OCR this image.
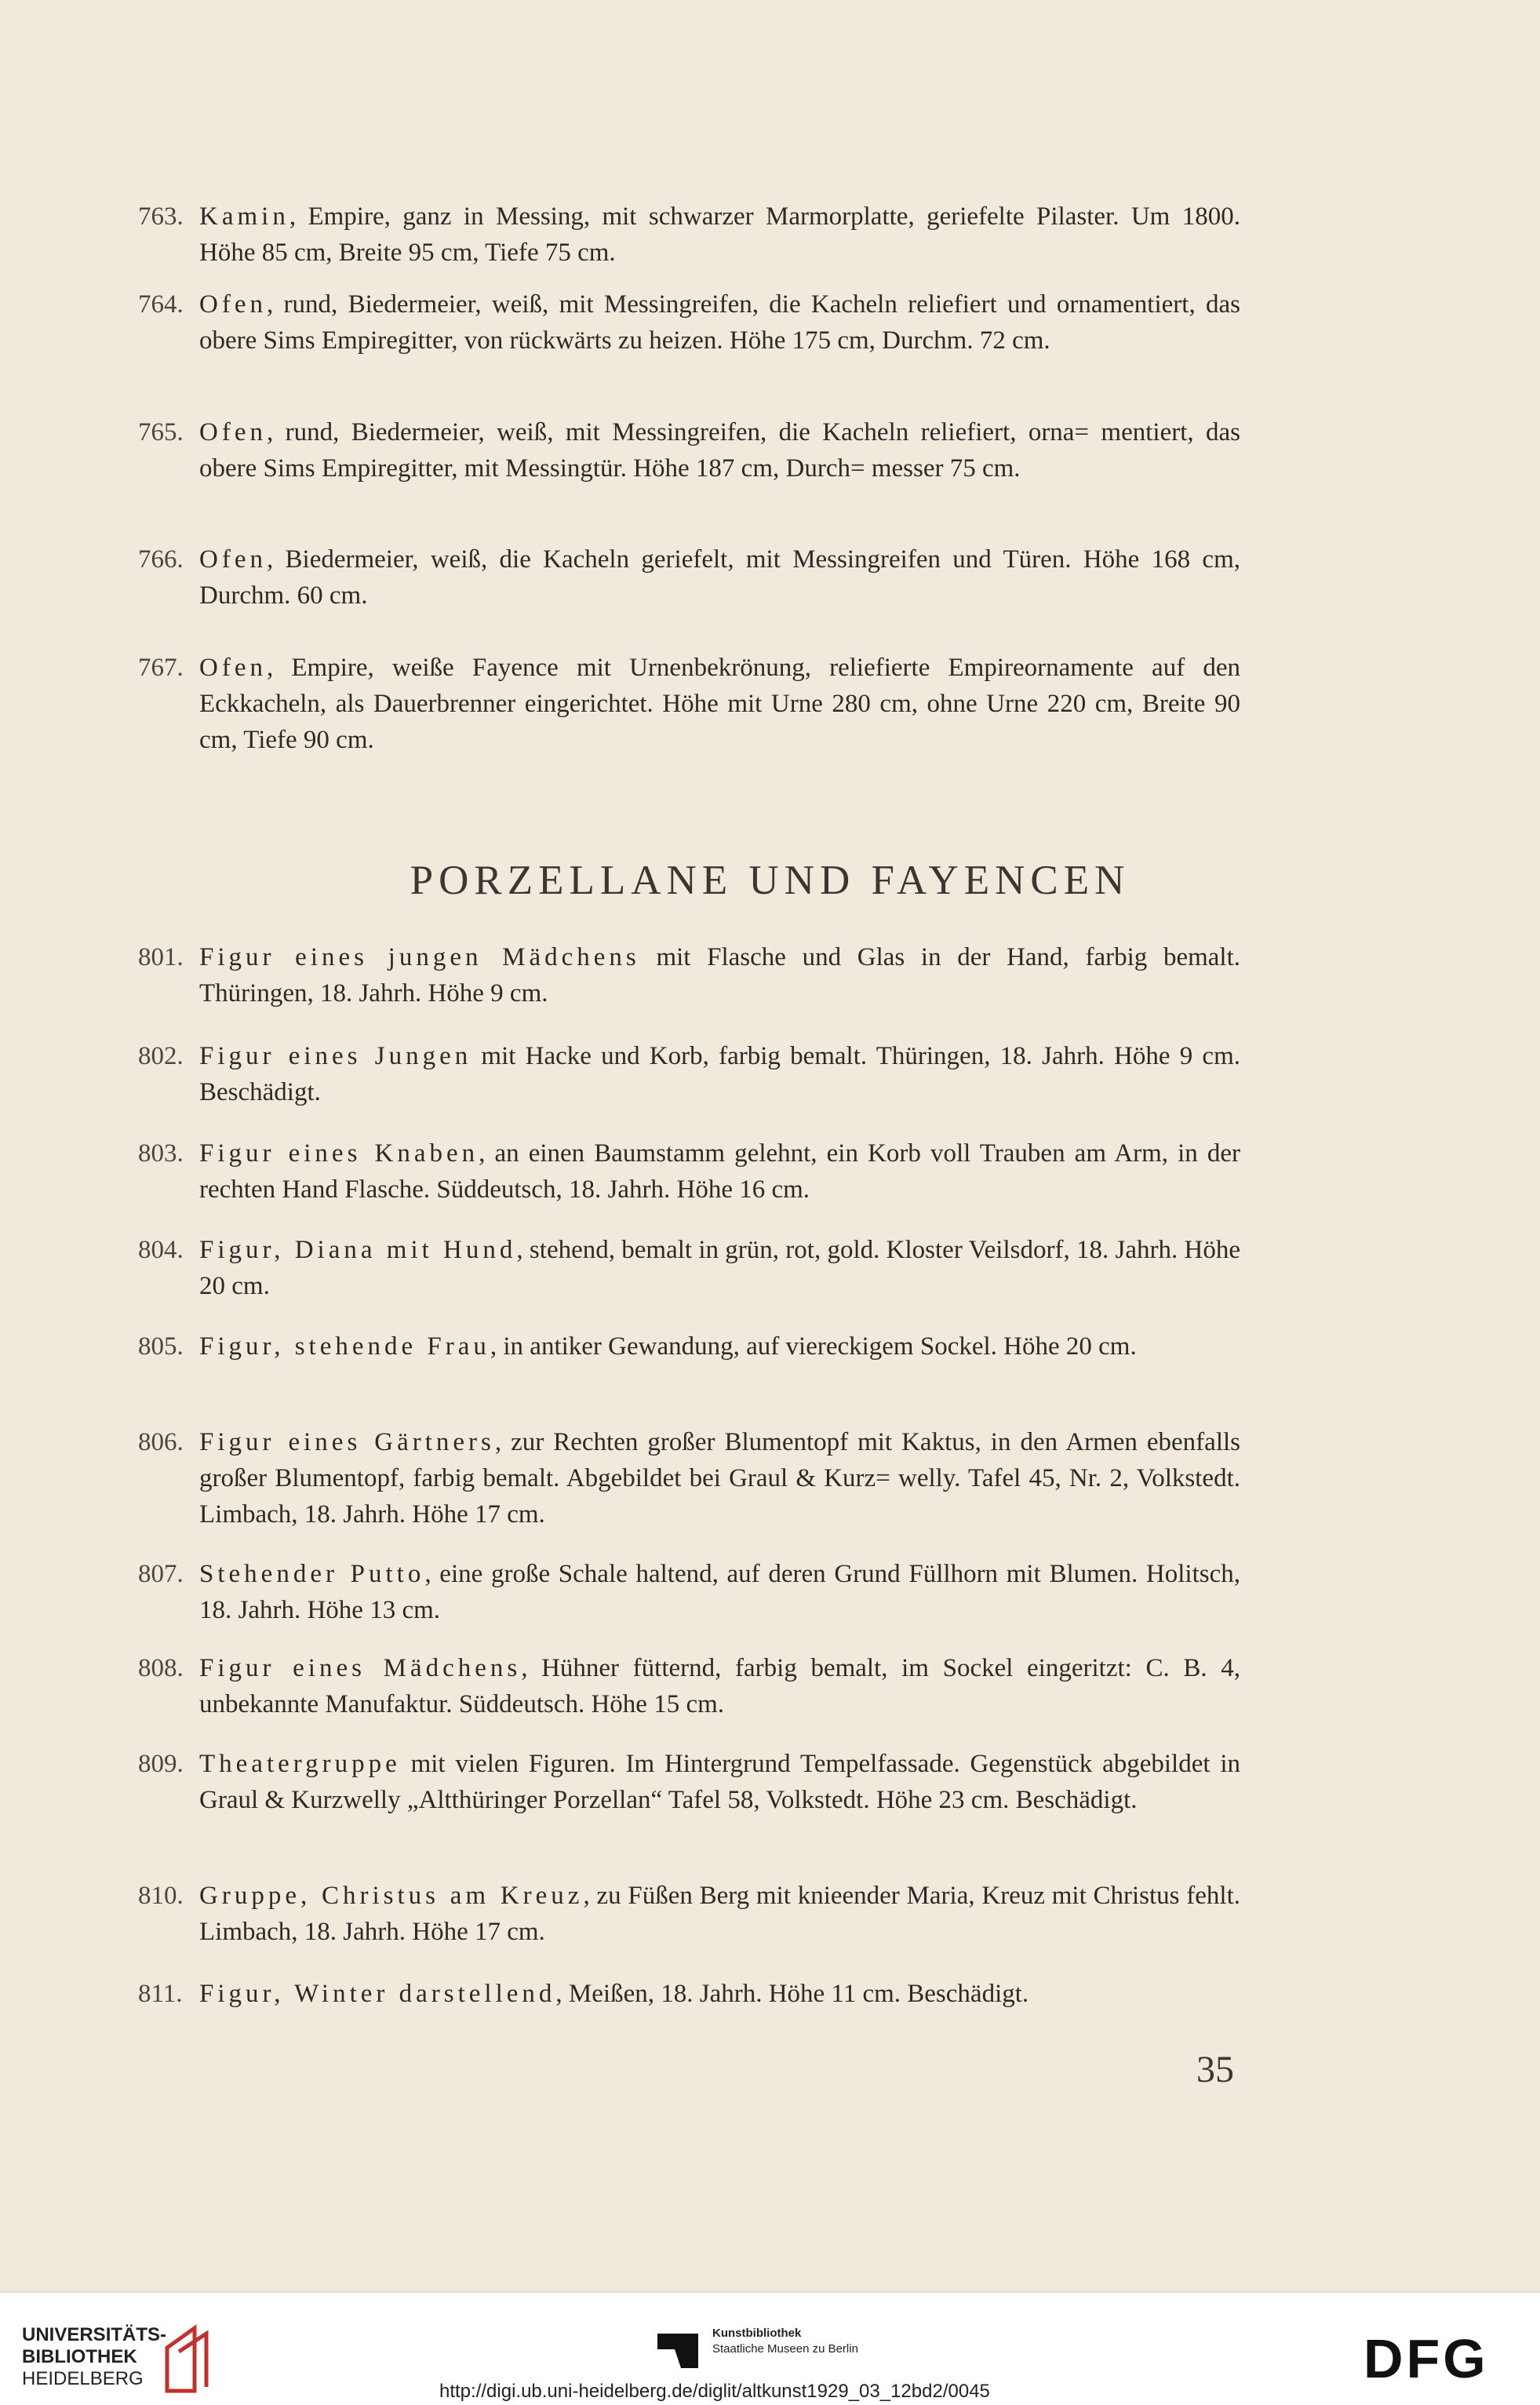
763. Kamin, Empire, ganz in Messing, mit schwarzer Marmorplatte, geriefelte Pilaster. Um 1800. Höhe 85 cm, Breite 95 cm, Tiefe 75 cm.
764. Ofen, rund, Biedermeier, weiß, mit Messingreifen, die Kacheln reliefiert und ornamentiert, das obere Sims Empiregitter, von rückwärts zu heizen. Höhe 175 cm, Durchm. 72 cm.
765. Ofen, rund, Biedermeier, weiß, mit Messingreifen, die Kacheln reliefiert, orna= mentiert, das obere Sims Empiregitter, mit Messingtür. Höhe 187 cm, Durch= messer 75 cm.
766. Ofen, Biedermeier, weiß, die Kacheln geriefelt, mit Messingreifen und Türen. Höhe 168 cm, Durchm. 60 cm.
767. Ofen, Empire, weiße Fayence mit Urnenbekrönung, reliefierte Empireornamente auf den Eckkacheln, als Dauerbrenner eingerichtet. Höhe mit Urne 280 cm, ohne Urne 220 cm, Breite 90 cm, Tiefe 90 cm.
PORZELLANE UND FAYENCEN
801. Figur eines jungen Mädchens mit Flasche und Glas in der Hand, farbig bemalt. Thüringen, 18. Jahrh. Höhe 9 cm.
802. Figur eines Jungen mit Hacke und Korb, farbig bemalt. Thüringen, 18. Jahrh. Höhe 9 cm. Beschädigt.
803. Figur eines Knaben, an einen Baumstamm gelehnt, ein Korb voll Trauben am Arm, in der rechten Hand Flasche. Süddeutsch, 18. Jahrh. Höhe 16 cm.
804. Figur, Diana mit Hund, stehend, bemalt in grün, rot, gold. Kloster Veilsdorf, 18. Jahrh. Höhe 20 cm.
805. Figur, stehende Frau, in antiker Gewandung, auf viereckigem Sockel. Höhe 20 cm.
806. Figur eines Gärtners, zur Rechten großer Blumentopf mit Kaktus, in den Armen ebenfalls großer Blumentopf, farbig bemalt. Abgebildet bei Graul & Kurz= welly. Tafel 45, Nr. 2, Volkstedt. Limbach, 18. Jahrh. Höhe 17 cm.
807. Stehender Putto, eine große Schale haltend, auf deren Grund Füllhorn mit Blumen. Holitsch, 18. Jahrh. Höhe 13 cm.
808. Figur eines Mädchens, Hühner fütternd, farbig bemalt, im Sockel eingeritzt: C. B. 4, unbekannte Manufaktur. Süddeutsch. Höhe 15 cm.
809. Theatergruppe mit vielen Figuren. Im Hintergrund Tempelfassade. Gegenstück abgebildet in Graul & Kurzwelly „Altthüringer Porzellan“ Tafel 58, Volkstedt. Höhe 23 cm. Beschädigt.
810. Gruppe, Christus am Kreuz, zu Füßen Berg mit knieender Maria, Kreuz mit Christus fehlt. Limbach, 18. Jahrh. Höhe 17 cm.
811. Figur, Winter darstellend, Meißen, 18. Jahrh. Höhe 11 cm. Beschädigt.
35
UNIVERSITÄTS-
BIBLIOTHEK
HEIDELBERG
Kunstbibliothek
Staatliche Museen zu Berlin	DFG
http://digi.ub.uni-heidelberg.de/diglit/altkunst1929_03_12bd2/0045
